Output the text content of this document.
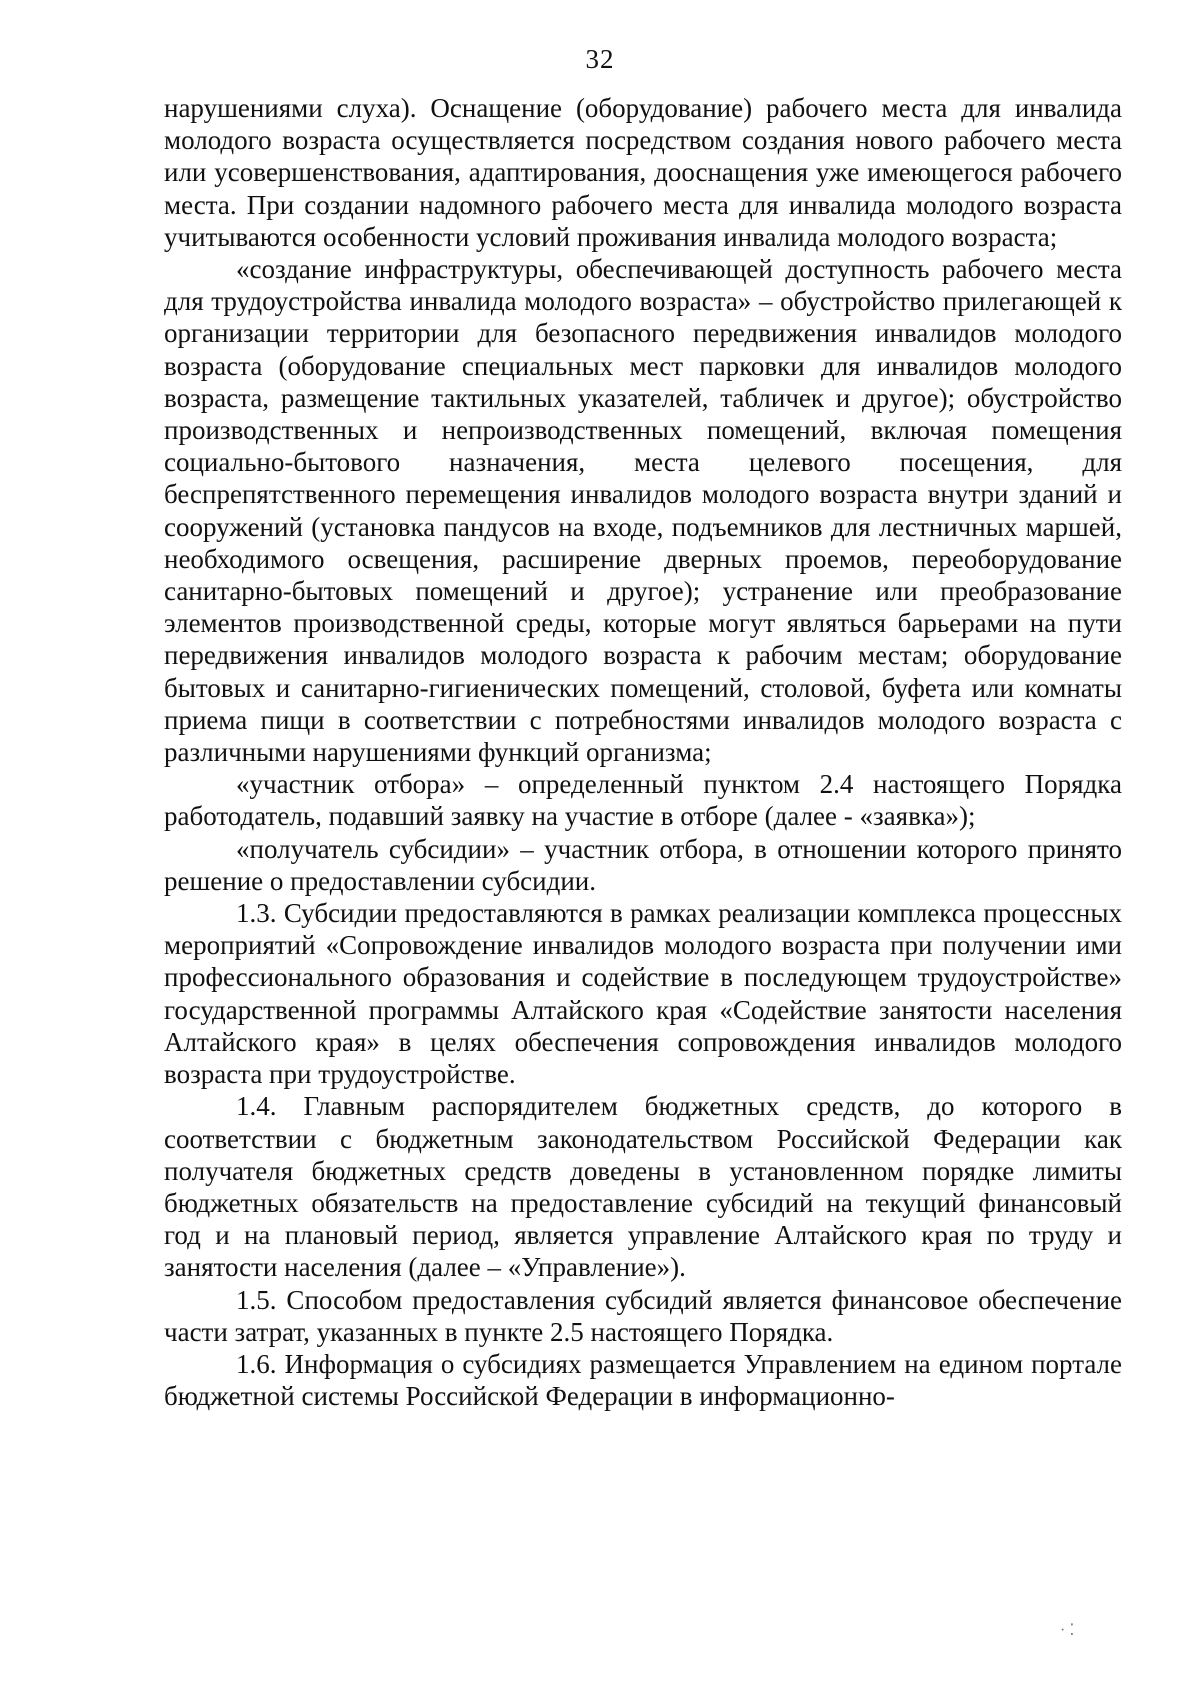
32

нарушениями слуха). Оснащение (оборудование) рабочего места для инвалида молодого возраста осуществляется посредством создания нового рабочего места или усовершенствования, адаптирования, дооснащения уже имеющегося рабочего места. При создании надомного рабочего места для инвалида молодого возраста учитываются особенности условий проживания инвалида молодого возраста;

«создание инфраструктуры, обеспечивающей доступность рабочего места для трудоустройства инвалида молодого возраста» – обустройство прилегающей к организации территории для безопасного передвижения инвалидов молодого возраста (оборудование специальных мест парковки для инвалидов молодого возраста, размещение тактильных указателей, табличек и другое); обустройство производственных и непроизводственных помещений, включая помещения социально-бытового назначения, места целевого посещения, для беспрепятственного перемещения инвалидов молодого возраста внутри зданий и сооружений (установка пандусов на входе, подъемников для лестничных маршей, необходимого освещения, расширение дверных проемов, переоборудование санитарно-бытовых помещений и другое); устранение или преобразование элементов производственной среды, которые могут являться барьерами на пути передвижения инвалидов молодого возраста к рабочим местам; оборудование бытовых и санитарно-гигиенических помещений, столовой, буфета или комнаты приема пищи в соответствии с потребностями инвалидов молодого возраста с различными нарушениями функций организма;

«участник отбора» – определенный пунктом 2.4 настоящего Порядка работодатель, подавший заявку на участие в отборе (далее - «заявка»);

«получатель субсидии» – участник отбора, в отношении которого принято решение о предоставлении субсидии.

1.3. Субсидии предоставляются в рамках реализации комплекса процессных мероприятий «Сопровождение инвалидов молодого возраста при получении ими профессионального образования и содействие в последующем трудоустройстве» государственной программы Алтайского края «Содействие занятости населения Алтайского края» в целях обеспечения сопровождения инвалидов молодого возраста при трудоустройстве.

1.4. Главным распорядителем бюджетных средств, до которого в соответствии с бюджетным законодательством Российской Федерации как получателя бюджетных средств доведены в установленном порядке лимиты бюджетных обязательств на предоставление субсидий на текущий финансовый год и на плановый период, является управление Алтайского края по труду и занятости населения (далее – «Управление»).

1.5. Способом предоставления субсидий является финансовое обеспечение части затрат, указанных в пункте 2.5 настоящего Порядка.

1.6. Информация о субсидиях размещается Управлением на едином портале бюджетной системы Российской Федерации в информационно-

· ⁚
